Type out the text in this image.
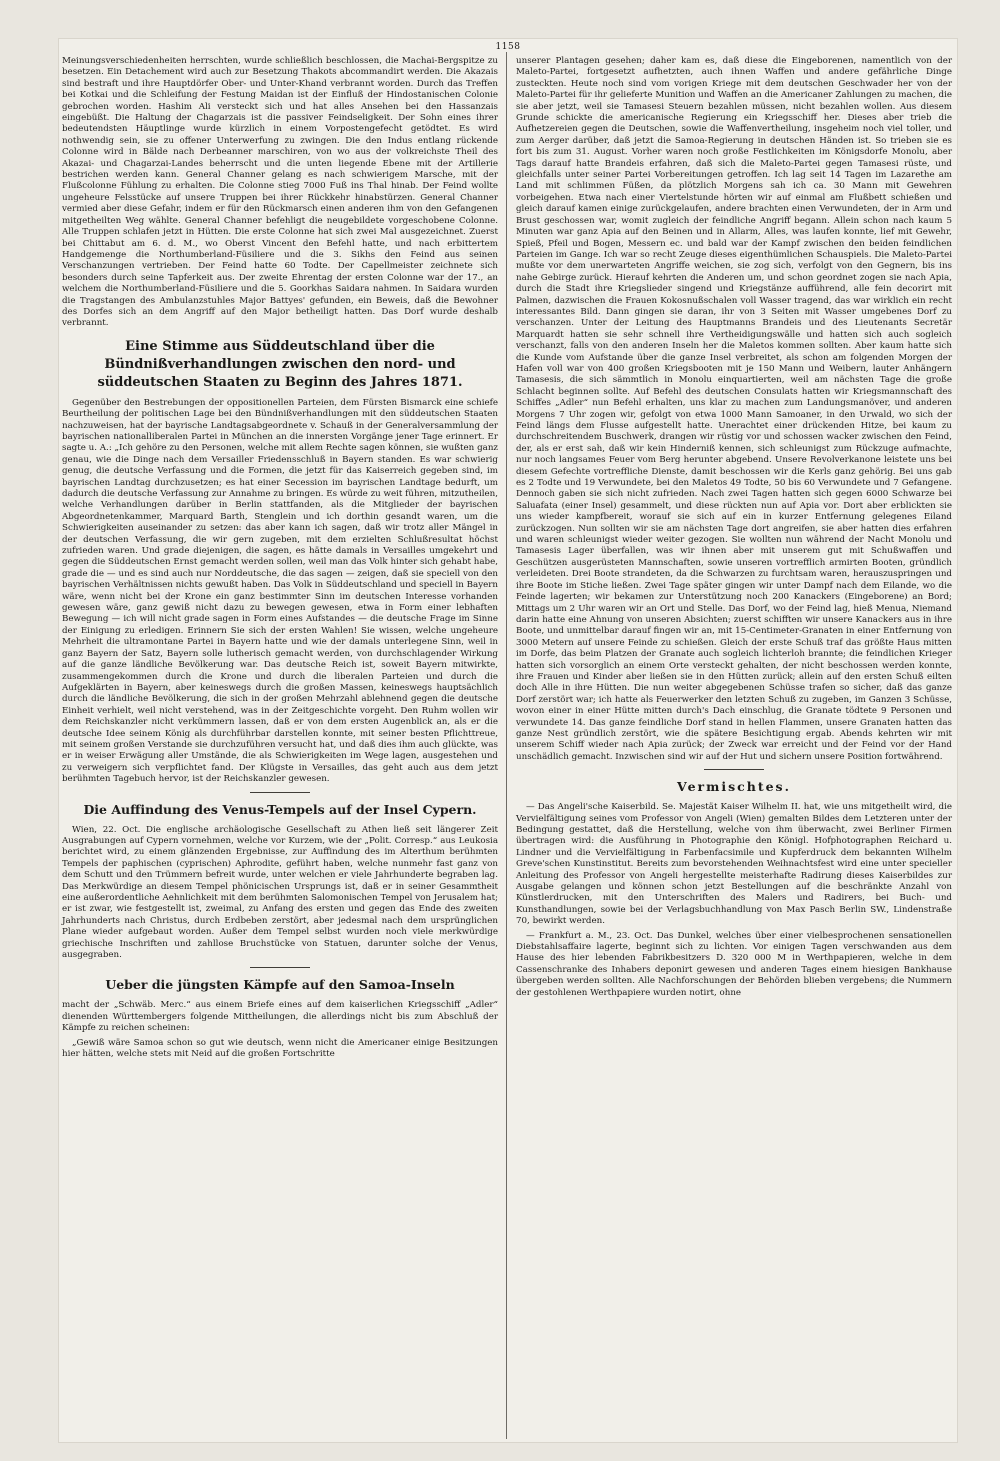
1158

Meinungsverschiedenheiten herrschten, wurde schließlich beschlossen, die Machai-Bergspitze zu besetzen. Ein Detachement wird auch zur Besetzung Thakots abcommandirt werden. Die Akazais sind bestraft und ihre Hauptdörfer Ober- und Unter-Khand verbrannt worden. Durch das Treffen bei Kotkai und die Schleifung der Festung Maidan ist der Einfluß der Hindostanischen Colonie gebrochen worden. Hashim Ali versteckt sich und hat alles Ansehen bei den Hassanzais eingebüßt. Die Haltung der Chagarzais ist die passiver Feindseligkeit. Der Sohn eines ihrer bedeutendsten Häuptlinge wurde kürzlich in einem Vorpostengefecht getödtet. Es wird nothwendig sein, sie zu offener Unterwerfung zu zwingen. Die den Indus entlang rückende Colonne wird in Bälde nach Derbeanner marschiren, von wo aus der volkreichste Theil des Akazai- und Chagarzai-Landes beherrscht und die unten liegende Ebene mit der Artillerie bestrichen werden kann. General Channer gelang es nach schwierigem Marsche, mit der Flußcolonne Fühlung zu erhalten. Die Colonne stieg 7000 Fuß ins Thal hinab. Der Feind wollte ungeheure Felsstücke auf unsere Truppen bei ihrer Rückkehr hinabstürzen. General Channer vermied aber diese Gefahr, indem er für den Rückmarsch einen anderen ihm von den Gefangenen mitgetheilten Weg wählte. General Channer befehligt die neugebildete vorgeschobene Colonne. Alle Truppen schlafen jetzt in Hütten. Die erste Colonne hat sich zwei Mal ausgezeichnet. Zuerst bei Chittabut am 6. d. M., wo Oberst Vincent den Befehl hatte, und nach erbittertem Handgemenge die Northumberland-Füsiliere und die 3. Sikhs den Feind aus seinen Verschanzungen vertrieben. Der Feind hatte 60 Todte. Der Capellmeister zeichnete sich besonders durch seine Tapferkeit aus. Der zweite Ehrentag der ersten Colonne war der 17., an welchem die Northumberland-Füsiliere und die 5. Goorkhas Saidara nahmen. In Saidara wurden die Tragstangen des Ambulanzstuhles Major Battyes' gefunden, ein Beweis, daß die Bewohner des Dorfes sich an dem Angriff auf den Major betheiligt hatten. Das Dorf wurde deshalb verbrannt.

Eine Stimme aus Süddeutschland über die Bündnißverhandlungen zwischen den nord- und süddeutschen Staaten zu Beginn des Jahres 1871.

Gegenüber den Bestrebungen der oppositionellen Parteien, dem Fürsten Bismarck eine schiefe Beurtheilung der politischen Lage bei den Bündnißverhandlungen mit den süddeutschen Staaten nachzuweisen, hat der bayrische Landtagsabgeordnete v. Schauß in der Generalversammlung der bayrischen nationalliberalen Partei in München an die innersten Vorgänge jener Tage erinnert. Er sagte u. A.: „Ich gehöre zu den Personen, welche mit allem Rechte sagen können, sie wußten ganz genau, wie die Dinge nach dem Versailler Friedensschluß in Bayern standen. Es war schwierig genug, die deutsche Verfassung und die Formen, die jetzt für das Kaiserreich gegeben sind, im bayrischen Landtag durchzusetzen; es hat einer Secession im bayrischen Landtage bedurft, um dadurch die deutsche Verfassung zur Annahme zu bringen. Es würde zu weit führen, mitzutheilen, welche Verhandlungen darüber in Berlin stattfanden, als die Mitglieder der bayrischen Abgeordnetenkammer, Marquard Barth, Stenglein und ich dorthin gesandt waren, um die Schwierigkeiten auseinander zu setzen: das aber kann ich sagen, daß wir trotz aller Mängel in der deutschen Verfassung, die wir gern zugeben, mit dem erzielten Schlußresultat höchst zufrieden waren. Und grade diejenigen, die sagen, es hätte damals in Versailles umgekehrt und gegen die Süddeutschen Ernst gemacht werden sollen, weil man das Volk hinter sich gehabt habe, grade die — und es sind auch nur Norddeutsche, die das sagen — zeigen, daß sie speciell von den bayrischen Verhältnissen nichts gewußt haben. Das Volk in Süddeutschland und speciell in Bayern wäre, wenn nicht bei der Krone ein ganz bestimmter Sinn im deutschen Interesse vorhanden gewesen wäre, ganz gewiß nicht dazu zu bewegen gewesen, etwa in Form einer lebhaften Bewegung — ich will nicht grade sagen in Form eines Aufstandes — die deutsche Frage im Sinne der Einigung zu erledigen. Erinnern Sie sich der ersten Wahlen! Sie wissen, welche ungeheure Mehrheit die ultramontane Partei in Bayern hatte und wie der damals unterlegene Sinn, weil in ganz Bayern der Satz, Bayern solle lutherisch gemacht werden, von durchschlagender Wirkung auf die ganze ländliche Bevölkerung war. Das deutsche Reich ist, soweit Bayern mitwirkte, zusammengekommen durch die Krone und durch die liberalen Parteien und durch die Aufgeklärten in Bayern, aber keineswegs durch die großen Massen, keineswegs hauptsächlich durch die ländliche Bevölkerung, die sich in der großen Mehrzahl ablehnend gegen die deutsche Einheit verhielt, weil nicht verstehend, was in der Zeitgeschichte vorgeht. Den Ruhm wollen wir dem Reichskanzler nicht verkümmern lassen, daß er von dem ersten Augenblick an, als er die deutsche Idee seinem König als durchführbar darstellen konnte, mit seiner besten Pflichttreue, mit seinem großen Verstande sie durchzuführen versucht hat, und daß dies ihm auch glückte, was er in weiser Erwägung aller Umstände, die als Schwierigkeiten im Wege lagen, ausgestehen und zu verweigern sich verpflichtet fand. Der Klügste in Versailles, das geht auch aus dem jetzt berühmten Tagebuch hervor, ist der Reichskanzler gewesen.

Die Auffindung des Venus-Tempels auf der Insel Cypern.

Wien, 22. Oct. Die englische archäologische Gesellschaft zu Athen ließ seit längerer Zeit Ausgrabungen auf Cypern vornehmen, welche vor Kurzem, wie der „Polit. Corresp.“ aus Leukosia berichtet wird, zu einem glänzenden Ergebnisse, zur Auffindung des im Alterthum berühmten Tempels der paphischen (cyprischen) Aphrodite, geführt haben, welche nunmehr fast ganz von dem Schutt und den Trümmern befreit wurde, unter welchen er viele Jahrhunderte begraben lag. Das Merkwürdige an diesem Tempel phönicischen Ursprungs ist, daß er in seiner Gesammtheit eine außerordentliche Aehnlichkeit mit dem berühmten Salomonischen Tempel von Jerusalem hat; er ist zwar, wie festgestellt ist, zweimal, zu Anfang des ersten und gegen das Ende des zweiten Jahrhunderts nach Christus, durch Erdbeben zerstört, aber jedesmal nach dem ursprünglichen Plane wieder aufgebaut worden. Außer dem Tempel selbst wurden noch viele merkwürdige griechische Inschriften und zahllose Bruchstücke von Statuen, darunter solche der Venus, ausgegraben.

Ueber die jüngsten Kämpfe auf den Samoa-Inseln

macht der „Schwäb. Merc.“ aus einem Briefe eines auf dem kaiserlichen Kriegsschiff „Adler“ dienenden Württembergers folgende Mittheilungen, die allerdings nicht bis zum Abschluß der Kämpfe zu reichen scheinen:

„Gewiß wäre Samoa schon so gut wie deutsch, wenn nicht die Americaner einige Besitzungen hier hätten, welche stets mit Neid auf die großen Fortschritte

unserer Plantagen gesehen; daher kam es, daß diese die Eingeborenen, namentlich von der Maleto-Partei, fortgesetzt aufhetzten, auch ihnen Waffen und andere gefährliche Dinge zusteckten. Heute noch sind vom vorigen Kriege mit dem deutschen Geschwader her von der Maleto-Partei für ihr gelieferte Munition und Waffen an die Americaner Zahlungen zu machen, die sie aber jetzt, weil sie Tamasesi Steuern bezahlen müssen, nicht bezahlen wollen. Aus diesem Grunde schickte die americanische Regierung ein Kriegsschiff her. Dieses aber trieb die Aufhetzereien gegen die Deutschen, sowie die Waffenvertheilung, insgeheim noch viel toller, und zum Aerger darüber, daß jetzt die Samoa-Regierung in deutschen Händen ist. So trieben sie es fort bis zum 31. August. Vorher waren noch große Festlichkeiten im Königsdorfe Monolu, aber Tags darauf hatte Brandeis erfahren, daß sich die Maleto-Partei gegen Tamasesi rüste, und gleichfalls unter seiner Partei Vorbereitungen getroffen. Ich lag seit 14 Tagen im Lazarethe am Land mit schlimmen Füßen, da plötzlich Morgens sah ich ca. 30 Mann mit Gewehren vorbeigehen. Etwa nach einer Viertelstunde hörten wir auf einmal am Flußbett schießen und gleich darauf kamen einige zurückgelaufen, andere brachten einen Verwundeten, der in Arm und Brust geschossen war, womit zugleich der feindliche Angriff begann. Allein schon nach kaum 5 Minuten war ganz Apia auf den Beinen und in Allarm, Alles, was laufen konnte, lief mit Gewehr, Spieß, Pfeil und Bogen, Messern ec. und bald war der Kampf zwischen den beiden feindlichen Parteien im Gange. Ich war so recht Zeuge dieses eigenthümlichen Schauspiels. Die Maleto-Partei mußte vor dem unerwarteten Angriffe weichen, sie zog sich, verfolgt von den Gegnern, bis ins nahe Gebirge zurück. Hierauf kehrten die Anderen um, und schon geordnet zogen sie nach Apia, durch die Stadt ihre Kriegslieder singend und Kriegstänze aufführend, alle fein decorirt mit Palmen, dazwischen die Frauen Kokosnußschalen voll Wasser tragend, das war wirklich ein recht interessantes Bild. Dann gingen sie daran, ihr von 3 Seiten mit Wasser umgebenes Dorf zu verschanzen. Unter der Leitung des Hauptmanns Brandeis und des Lieutenants Secretär Marquardt hatten sie sehr schnell ihre Vertheidigungswälle und hatten sich auch sogleich verschanzt, falls von den anderen Inseln her die Maletos kommen sollten. Aber kaum hatte sich die Kunde vom Aufstande über die ganze Insel verbreitet, als schon am folgenden Morgen der Hafen voll war von 400 großen Kriegsbooten mit je 150 Mann und Weibern, lauter Anhängern Tamasesis, die sich sämmtlich in Monolu einquartierten, weil am nächsten Tage die große Schlacht beginnen sollte. Auf Befehl des deutschen Consulats hatten wir Kriegsmannschaft des Schiffes „Adler“ nun Befehl erhalten, uns klar zu machen zum Landungsmanöver, und anderen Morgens 7 Uhr zogen wir, gefolgt von etwa 1000 Mann Samoaner, in den Urwald, wo sich der Feind längs dem Flusse aufgestellt hatte. Unerachtet einer drückenden Hitze, bei kaum zu durchschreitendem Buschwerk, drangen wir rüstig vor und schossen wacker zwischen den Feind, der, als er erst sah, daß wir kein Hinderniß kennen, sich schleunigst zum Rückzuge aufmachte, nur noch langsames Feuer vom Berg herunter abgebend. Unsere Revolverkanone leistete uns bei diesem Gefechte vortreffliche Dienste, damit beschossen wir die Kerls ganz gehörig. Bei uns gab es 2 Todte und 19 Verwundete, bei den Maletos 49 Todte, 50 bis 60 Verwundete und 7 Gefangene. Dennoch gaben sie sich nicht zufrieden. Nach zwei Tagen hatten sich gegen 6000 Schwarze bei Saluafata (einer Insel) gesammelt, und diese rückten nun auf Apia vor. Dort aber erblickten sie uns wieder kampfbereit, worauf sie sich auf ein in kurzer Entfernung gelegenes Eiland zurückzogen. Nun sollten wir sie am nächsten Tage dort angreifen, sie aber hatten dies erfahren und waren schleunigst wieder weiter gezogen. Sie wollten nun während der Nacht Monolu und Tamasesis Lager überfallen, was wir ihnen aber mit unserem gut mit Schußwaffen und Geschützen ausgerüsteten Mannschaften, sowie unseren vortrefflich armirten Booten, gründlich verleideten. Drei Boote strandeten, da die Schwarzen zu furchtsam waren, herauszuspringen und ihre Boote im Stiche ließen. Zwei Tage später gingen wir unter Dampf nach dem Eilande, wo die Feinde lagerten; wir bekamen zur Unterstützung noch 200 Kanackers (Eingeborene) an Bord; Mittags um 2 Uhr waren wir an Ort und Stelle. Das Dorf, wo der Feind lag, hieß Menua, Niemand darin hatte eine Ahnung von unseren Absichten; zuerst schifften wir unsere Kanackers aus in ihre Boote, und unmittelbar darauf fingen wir an, mit 15-Centimeter-Granaten in einer Entfernung von 3000 Metern auf unsere Feinde zu schießen. Gleich der erste Schuß traf das größte Haus mitten im Dorfe, das beim Platzen der Granate auch sogleich lichterloh brannte; die feindlichen Krieger hatten sich vorsorglich an einem Orte versteckt gehalten, der nicht beschossen werden konnte, ihre Frauen und Kinder aber ließen sie in den Hütten zurück; allein auf den ersten Schuß eilten doch Alle in ihre Hütten. Die nun weiter abgegebenen Schüsse trafen so sicher, daß das ganze Dorf zerstört war; ich hatte als Feuerwerker den letzten Schuß zu zugeben, im Ganzen 3 Schüsse, wovon einer in einer Hütte mitten durch's Dach einschlug, die Granate tödtete 9 Personen und verwundete 14. Das ganze feindliche Dorf stand in hellen Flammen, unsere Granaten hatten das ganze Nest gründlich zerstört, wie die spätere Besichtigung ergab. Abends kehrten wir mit unserem Schiff wieder nach Apia zurück; der Zweck war erreicht und der Feind vor der Hand unschädlich gemacht. Inzwischen sind wir auf der Hut und sichern unsere Position fortwährend.

Vermischtes.

— Das Angeli'sche Kaiserbild. Se. Majestät Kaiser Wilhelm II. hat, wie uns mitgetheilt wird, die Vervielfältigung seines vom Professor von Angeli (Wien) gemalten Bildes dem Letzteren unter der Bedingung gestattet, daß die Herstellung, welche von ihm überwacht, zwei Berliner Firmen übertragen wird: die Ausführung in Photographie den Königl. Hofphotographen Reichard u. Lindner und die Vervielfältigung in Farbenfacsimile und Kupferdruck dem bekannten Wilhelm Greve'schen Kunstinstitut. Bereits zum bevorstehenden Weihnachtsfest wird eine unter specieller Anleitung des Professor von Angeli hergestellte meisterhafte Radirung dieses Kaiserbildes zur Ausgabe gelangen und können schon jetzt Bestellungen auf die beschränkte Anzahl von Künstlerdrucken, mit den Unterschriften des Malers und Radirers, bei Buch- und Kunsthandlungen, sowie bei der Verlagsbuchhandlung von Max Pasch Berlin SW., Lindenstraße 70, bewirkt werden.

— Frankfurt a. M., 23. Oct. Das Dunkel, welches über einer vielbesprochenen sensationellen Diebstahlsaffaire lagerte, beginnt sich zu lichten. Vor einigen Tagen verschwanden aus dem Hause des hier lebenden Fabrikbesitzers D. 320 000 M in Werthpapieren, welche in dem Cassenschranke des Inhabers deponirt gewesen und anderen Tages einem hiesigen Bankhause übergeben werden sollten. Alle Nachforschungen der Behörden blieben vergebens; die Nummern der gestohlenen Werthpapiere wurden notirt, ohne
